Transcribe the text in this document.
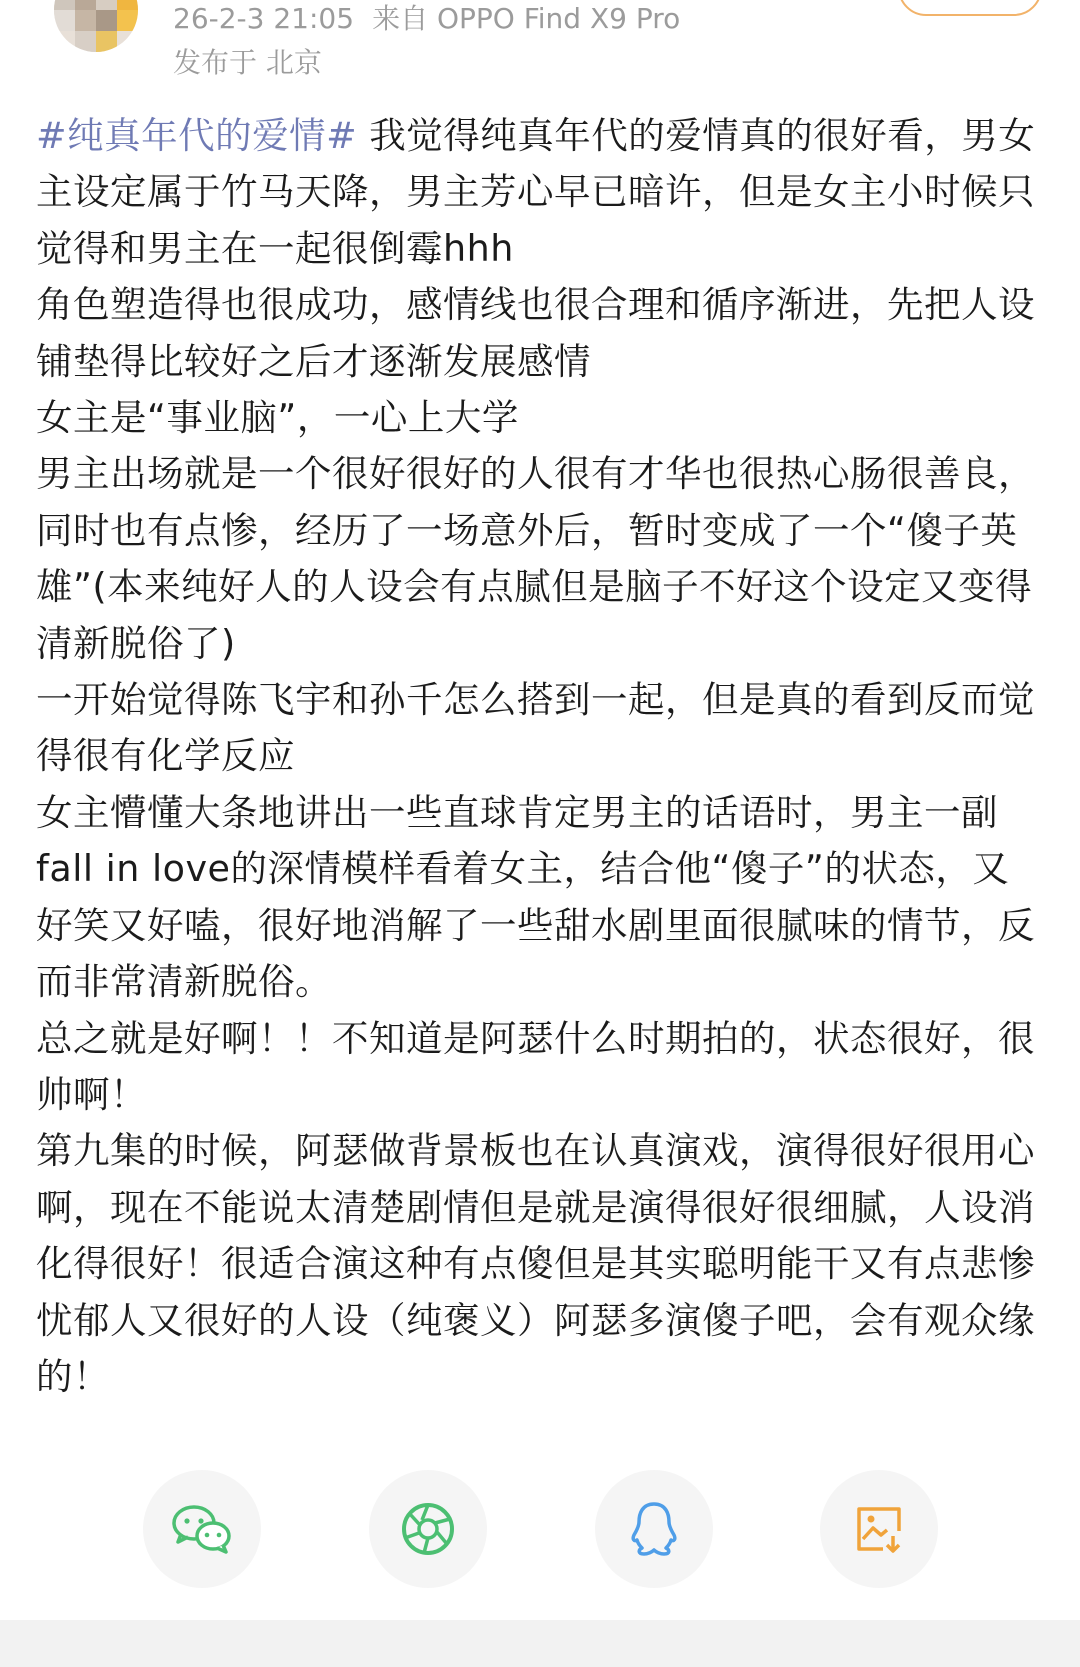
26-2-3 21:05 来自 OPPO Find X9 Pro
发布于 北京

#纯真年代的爱情# 我觉得纯真年代的爱情真的很好看，男女主设定属于竹马天降，男主芳心早已暗许，但是女主小时候只觉得和男主在一起很倒霉hhh

角色塑造得也很成功，感情线也很合理和循序渐进，先把人设铺垫得比较好之后才逐渐发展感情

女主是“事业脑”，一心上大学

男主出场就是一个很好很好的人很有才华也很热心肠很善良，同时也有点惨，经历了一场意外后，暂时变成了一个“傻子英雄”(本来纯好人的人设会有点腻但是脑子不好这个设定又变得清新脱俗了)

一开始觉得陈飞宇和孙千怎么搭到一起，但是真的看到反而觉得很有化学反应

女主懵懂大条地讲出一些直球肯定男主的话语时，男主一副fall in love的深情模样看着女主，结合他“傻子”的状态，又好笑又好嗑，很好地消解了一些甜水剧里面很腻味的情节，反而非常清新脱俗。

总之就是好啊！！不知道是阿瑟什么时期拍的，状态很好，很帅啊！

第九集的时候，阿瑟做背景板也在认真演戏，演得很好很用心啊，现在不能说太清楚剧情但是就是演得很好很细腻，人设消化得很好！很适合演这种有点傻但是其实聪明能干又有点悲惨忧郁人又很好的人设（纯褒义）阿瑟多演傻子吧，会有观众缘的！
